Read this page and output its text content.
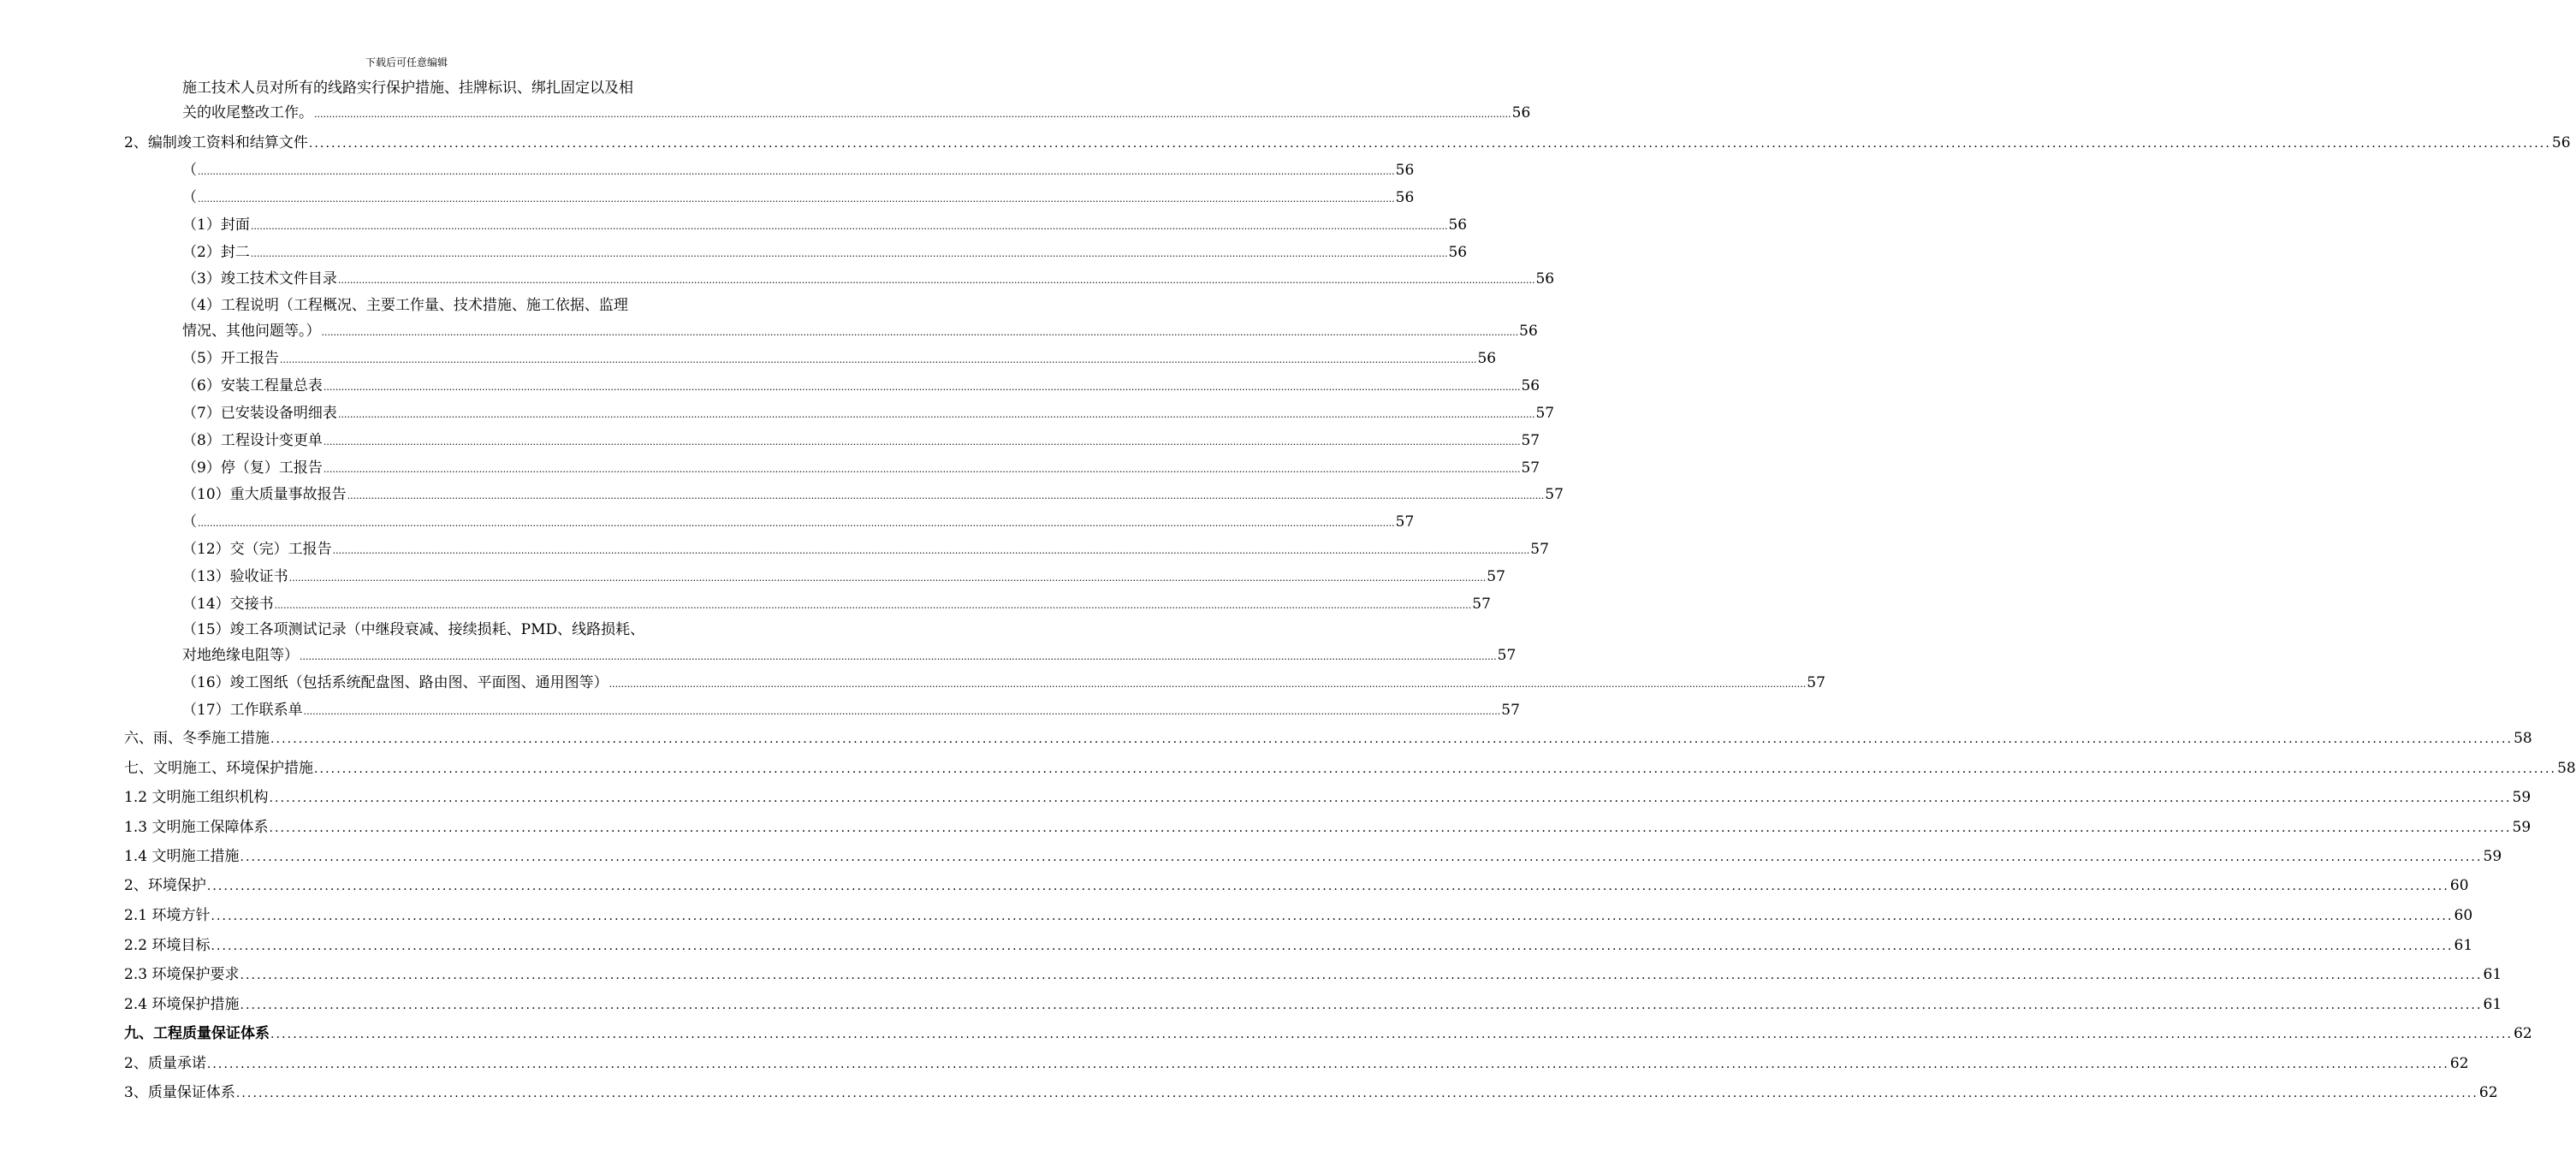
下载后可任意编辑
施工技术人员对所有的线路实行保护措施、挂牌标识、绑扎固定以及相
关的收尾整改工作。 ................................................................................................................................................................................................................................................................................................................................................................................................................ 56
2、编制竣工资料和结算文件 ................................................................................................................................................................................................................................................................................................................................................................................................................ 56
（ ................................................................................................................................................................................................................................................................................................................................................................................................................ 56
（ ................................................................................................................................................................................................................................................................................................................................................................................................................ 56
（1）封面 ................................................................................................................................................................................................................................................................................................................................................................................................................ 56
（2）封二 ................................................................................................................................................................................................................................................................................................................................................................................................................ 56
（3）竣工技术文件目录 ................................................................................................................................................................................................................................................................................................................................................................................................................ 56
（4）工程说明（工程概况、主要工作量、技术措施、施工依据、监理
情况、其他问题等。） ................................................................................................................................................................................................................................................................................................................................................................................................................ 56
（5）开工报告 ................................................................................................................................................................................................................................................................................................................................................................................................................ 56
（6）安装工程量总表 ................................................................................................................................................................................................................................................................................................................................................................................................................ 56
（7）已安装设备明细表 ................................................................................................................................................................................................................................................................................................................................................................................................................ 57
（8）工程设计变更单 ................................................................................................................................................................................................................................................................................................................................................................................................................ 57
（9）停（复）工报告 ................................................................................................................................................................................................................................................................................................................................................................................................................ 57
（10）重大质量事故报告 ................................................................................................................................................................................................................................................................................................................................................................................................................ 57
（ ................................................................................................................................................................................................................................................................................................................................................................................................................ 57
（12）交（完）工报告 ................................................................................................................................................................................................................................................................................................................................................................................................................ 57
（13）验收证书 ................................................................................................................................................................................................................................................................................................................................................................................................................ 57
（14）交接书 ................................................................................................................................................................................................................................................................................................................................................................................................................ 57
（15）竣工各项测试记录（中继段衰减、接续损耗、PMD、线路损耗、
对地绝缘电阻等） ................................................................................................................................................................................................................................................................................................................................................................................................................ 57
（16）竣工图纸（包括系统配盘图、路由图、平面图、通用图等） ................................................................................................................................................................................................................................................................................................................................................................................................................ 57
（17）工作联系单 ................................................................................................................................................................................................................................................................................................................................................................................................................ 57
六、雨、冬季施工措施 ................................................................................................................................................................................................................................................................................................................................................................................................................ 58
七、文明施工、环境保护措施 ................................................................................................................................................................................................................................................................................................................................................................................................................ 58
1.2 文明施工组织机构 ................................................................................................................................................................................................................................................................................................................................................................................................................ 59
1.3 文明施工保障体系 ................................................................................................................................................................................................................................................................................................................................................................................................................ 59
1.4 文明施工措施 ................................................................................................................................................................................................................................................................................................................................................................................................................ 59
2、环境保护 ................................................................................................................................................................................................................................................................................................................................................................................................................ 60
2.1 环境方针 ................................................................................................................................................................................................................................................................................................................................................................................................................ 60
2.2 环境目标 ................................................................................................................................................................................................................................................................................................................................................................................................................ 61
2.3 环境保护要求 ................................................................................................................................................................................................................................................................................................................................................................................................................ 61
2.4 环境保护措施 ................................................................................................................................................................................................................................................................................................................................................................................................................ 61
九、工程质量保证体系 ................................................................................................................................................................................................................................................................................................................................................................................................................ 62
2、质量承诺 ................................................................................................................................................................................................................................................................................................................................................................................................................ 62
3、质量保证体系 ................................................................................................................................................................................................................................................................................................................................................................................................................ 62
